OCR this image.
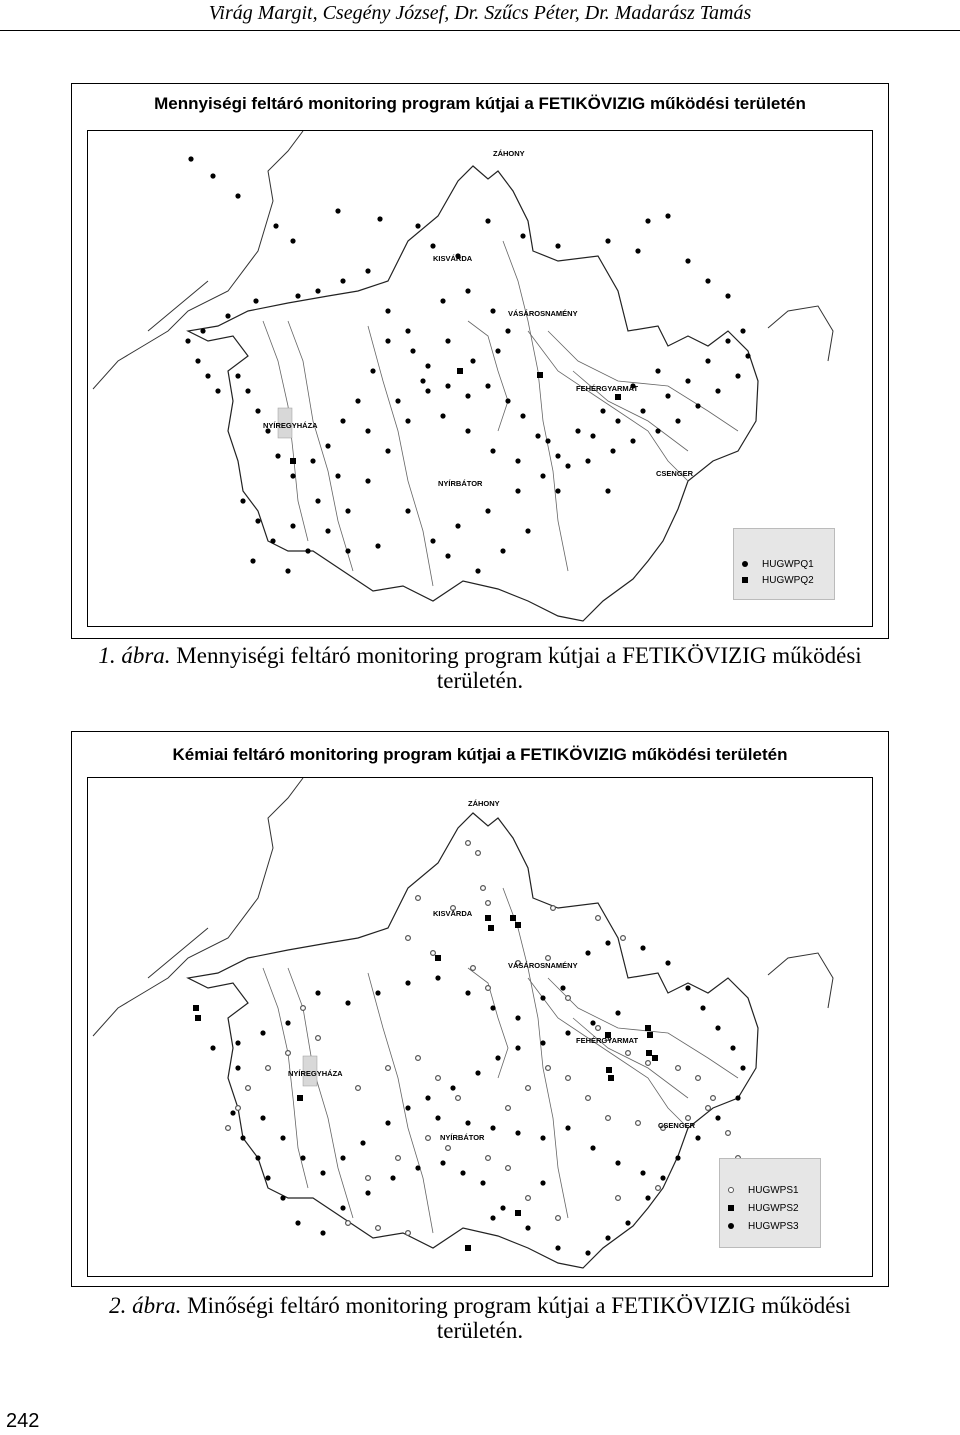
Virág Margit, Csegény József, Dr. Szűcs Péter, Dr. Madarász Tamás
Mennyiségi feltáró monitoring program kútjai a FETIKÖVIZIG működési területén
ZÁHONY
KISVÁRDA
VÁSÁROSNAMÉNY
FEHÉRGYARMAT
NYÍREGYHÁZA
NYÍRBÁTOR
CSENGER
HUGWPQ1
HUGWPQ2
1. ábra. Mennyiségi feltáró monitoring program kútjai a FETIKÖVIZIG működési
területén.
Kémiai feltáró monitoring program kútjai a FETIKÖVIZIG működési területén
ZÁHONY
KISVÁRDA
VÁSÁROSNAMÉNY
FEHÉRGYARMAT
NYÍREGYHÁZA
NYÍRBÁTOR
CSENGER
HUGWPS1
HUGWPS2
HUGWPS3
2. ábra. Minőségi feltáró monitoring program kútjai a FETIKÖVIZIG működési
területén.
242
